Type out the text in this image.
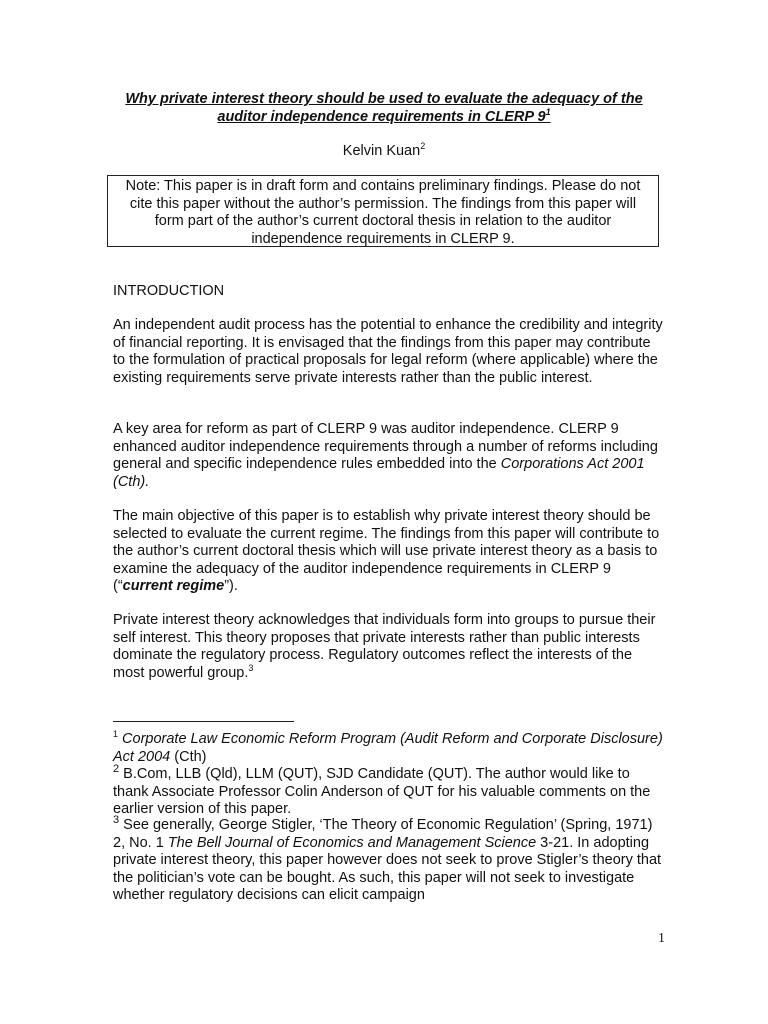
Why private interest theory should be used to evaluate the adequacy of the
auditor independence requirements in CLERP $9^1$
Kelvin Kuan$^2$
Note: This paper is in draft form and contains preliminary findings. Please do not cite this paper without the author’s permission. The findings from this paper will form part of the author’s current doctoral thesis in relation to the auditor independence requirements in CLERP 9.
INTRODUCTION
An independent audit process has the potential to enhance the credibility and integrity of financial reporting. It is envisaged that the findings from this paper may contribute to the formulation of practical proposals for legal reform (where applicable) where the existing requirements serve private interests rather than the public interest.
A key area for reform as part of CLERP 9 was auditor independence. CLERP 9 enhanced auditor independence requirements through a number of reforms including general and specific independence rules embedded into the Corporations Act 2001 (Cth).
The main objective of this paper is to establish why private interest theory should be selected to evaluate the current regime. The findings from this paper will contribute to the author’s current doctoral thesis which will use private interest theory as a basis to examine the adequacy of the auditor independence requirements in CLERP 9 (“current regime”).
Private interest theory acknowledges that individuals form into groups to pursue their self interest. This theory proposes that private interests rather than public interests dominate the regulatory process. Regulatory outcomes reflect the interests of the most powerful group.$^3$
$^1$ Corporate Law Economic Reform Program (Audit Reform and Corporate Disclosure) Act 2004 (Cth)
$^2$ B.Com, LLB (Qld), LLM (QUT), SJD Candidate (QUT). The author would like to thank Associate Professor Colin Anderson of QUT for his valuable comments on the earlier version of this paper.
$^3$ See generally, George Stigler, ‘The Theory of Economic Regulation’ (Spring, 1971) 2, No. 1 The Bell Journal of Economics and Management Science 3-21. In adopting private interest theory, this paper however does not seek to prove Stigler’s theory that the politician’s vote can be bought. As such, this paper will not seek to investigate whether regulatory decisions can elicit campaign
1
